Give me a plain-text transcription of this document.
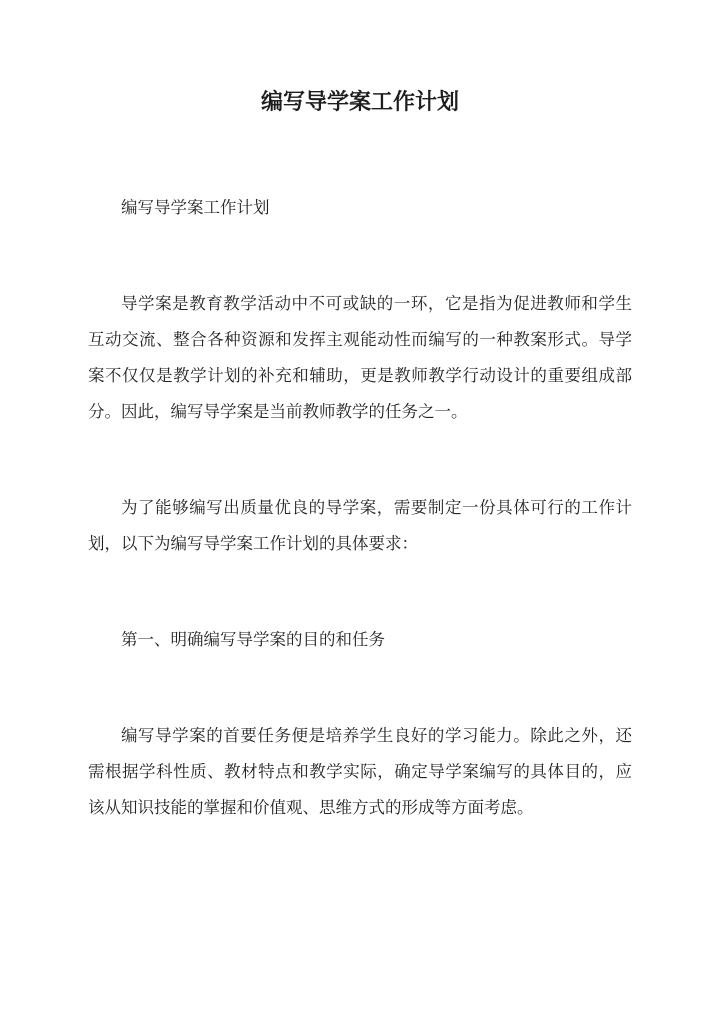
编写导学案工作计划

编写导学案工作计划

导学案是教育教学活动中不可或缺的一环，它是指为促进教师和学生互动交流、整合各种资源和发挥主观能动性而编写的一种教案形式。导学案不仅仅是教学计划的补充和辅助，更是教师教学行动设计的重要组成部分。因此，编写导学案是当前教师教学的任务之一。

为了能够编写出质量优良的导学案，需要制定一份具体可行的工作计划，以下为编写导学案工作计划的具体要求：

第一、明确编写导学案的目的和任务

编写导学案的首要任务便是培养学生良好的学习能力。除此之外，还需根据学科性质、教材特点和教学实际，确定导学案编写的具体目的，应该从知识技能的掌握和价值观、思维方式的形成等方面考虑。
